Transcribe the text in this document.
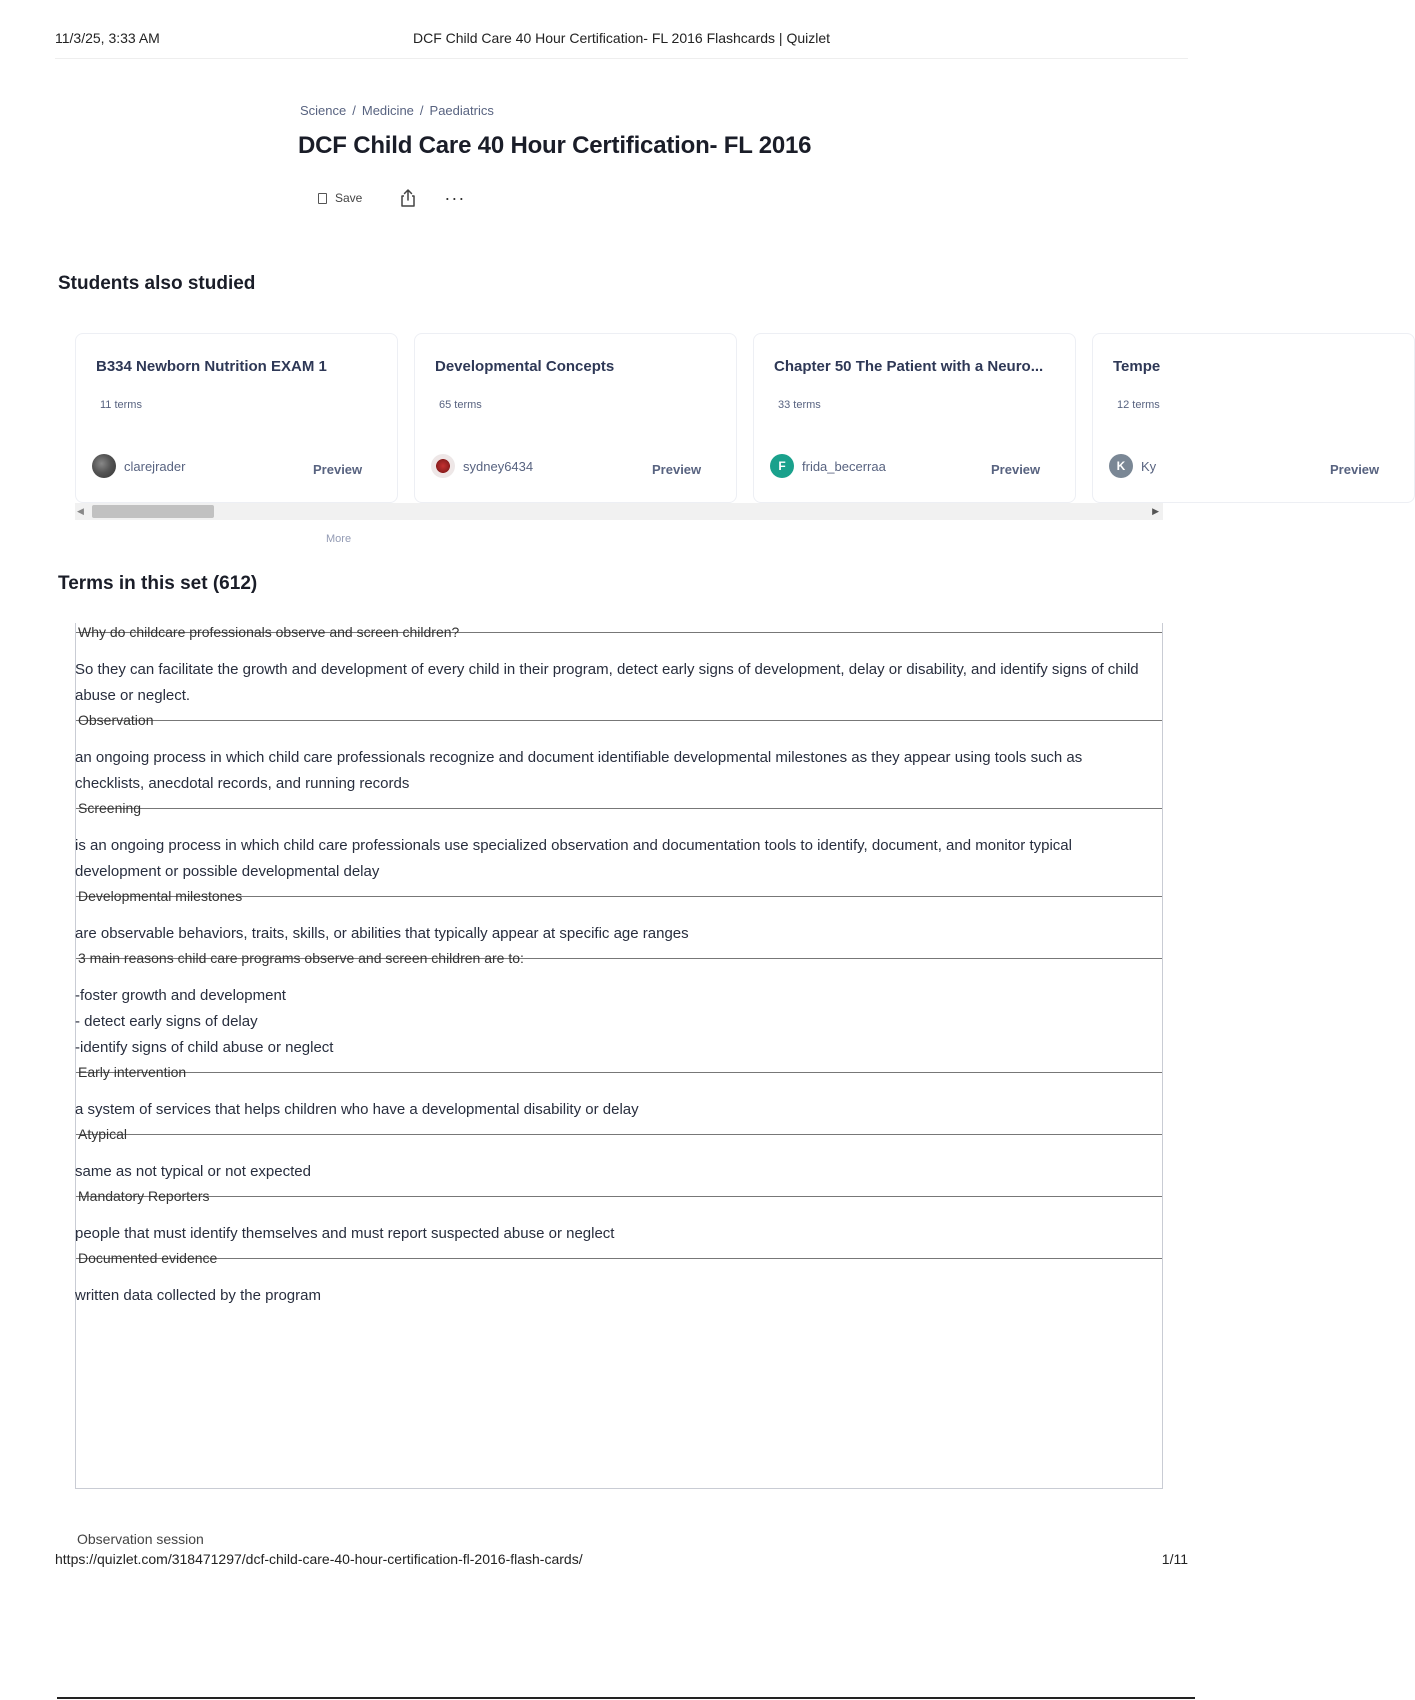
11/3/25, 3:33 AM	DCF Child Care 40 Hour Certification- FL 2016 Flashcards | Quizlet
Science / Medicine / Paediatrics
DCF Child Care 40 Hour Certification- FL 2016
Save	···
Students also studied
B334 Newborn Nutrition EXAM 1
11 terms
clarejrader	Preview
Developmental Concepts
65 terms
sydney6434	Preview
Chapter 50 The Patient with a Neuro...
33 terms
F	frida_becerraa	Preview
Tempe
12 terms
K	Ky	Preview
◀	▶
More
Terms in this set (612)
Why do childcare professionals observe and screen children?
So they can facilitate the growth and development of every child in their program, detect early signs of development, delay or disability, and identify signs of child abuse or neglect.
Observation
an ongoing process in which child care professionals recognize and document identifiable developmental milestones as they appear using tools such as checklists, anecdotal records, and running records
Screening
is an ongoing process in which child care professionals use specialized observation and documentation tools to identify, document, and monitor typical development or possible developmental delay
Developmental milestones
are observable behaviors, traits, skills, or abilities that typically appear at specific age ranges
3 main reasons child care programs observe and screen children are to:
-foster growth and development
- detect early signs of delay
-identify signs of child abuse or neglect
Early intervention
a system of services that helps children who have a developmental disability or delay
Atypical
same as not typical or not expected
Mandatory Reporters
people that must identify themselves and must report suspected abuse or neglect
Documented evidence
written data collected by the program
Observation session
https://quizlet.com/318471297/dcf-child-care-40-hour-certification-fl-2016-flash-cards/	1/11
